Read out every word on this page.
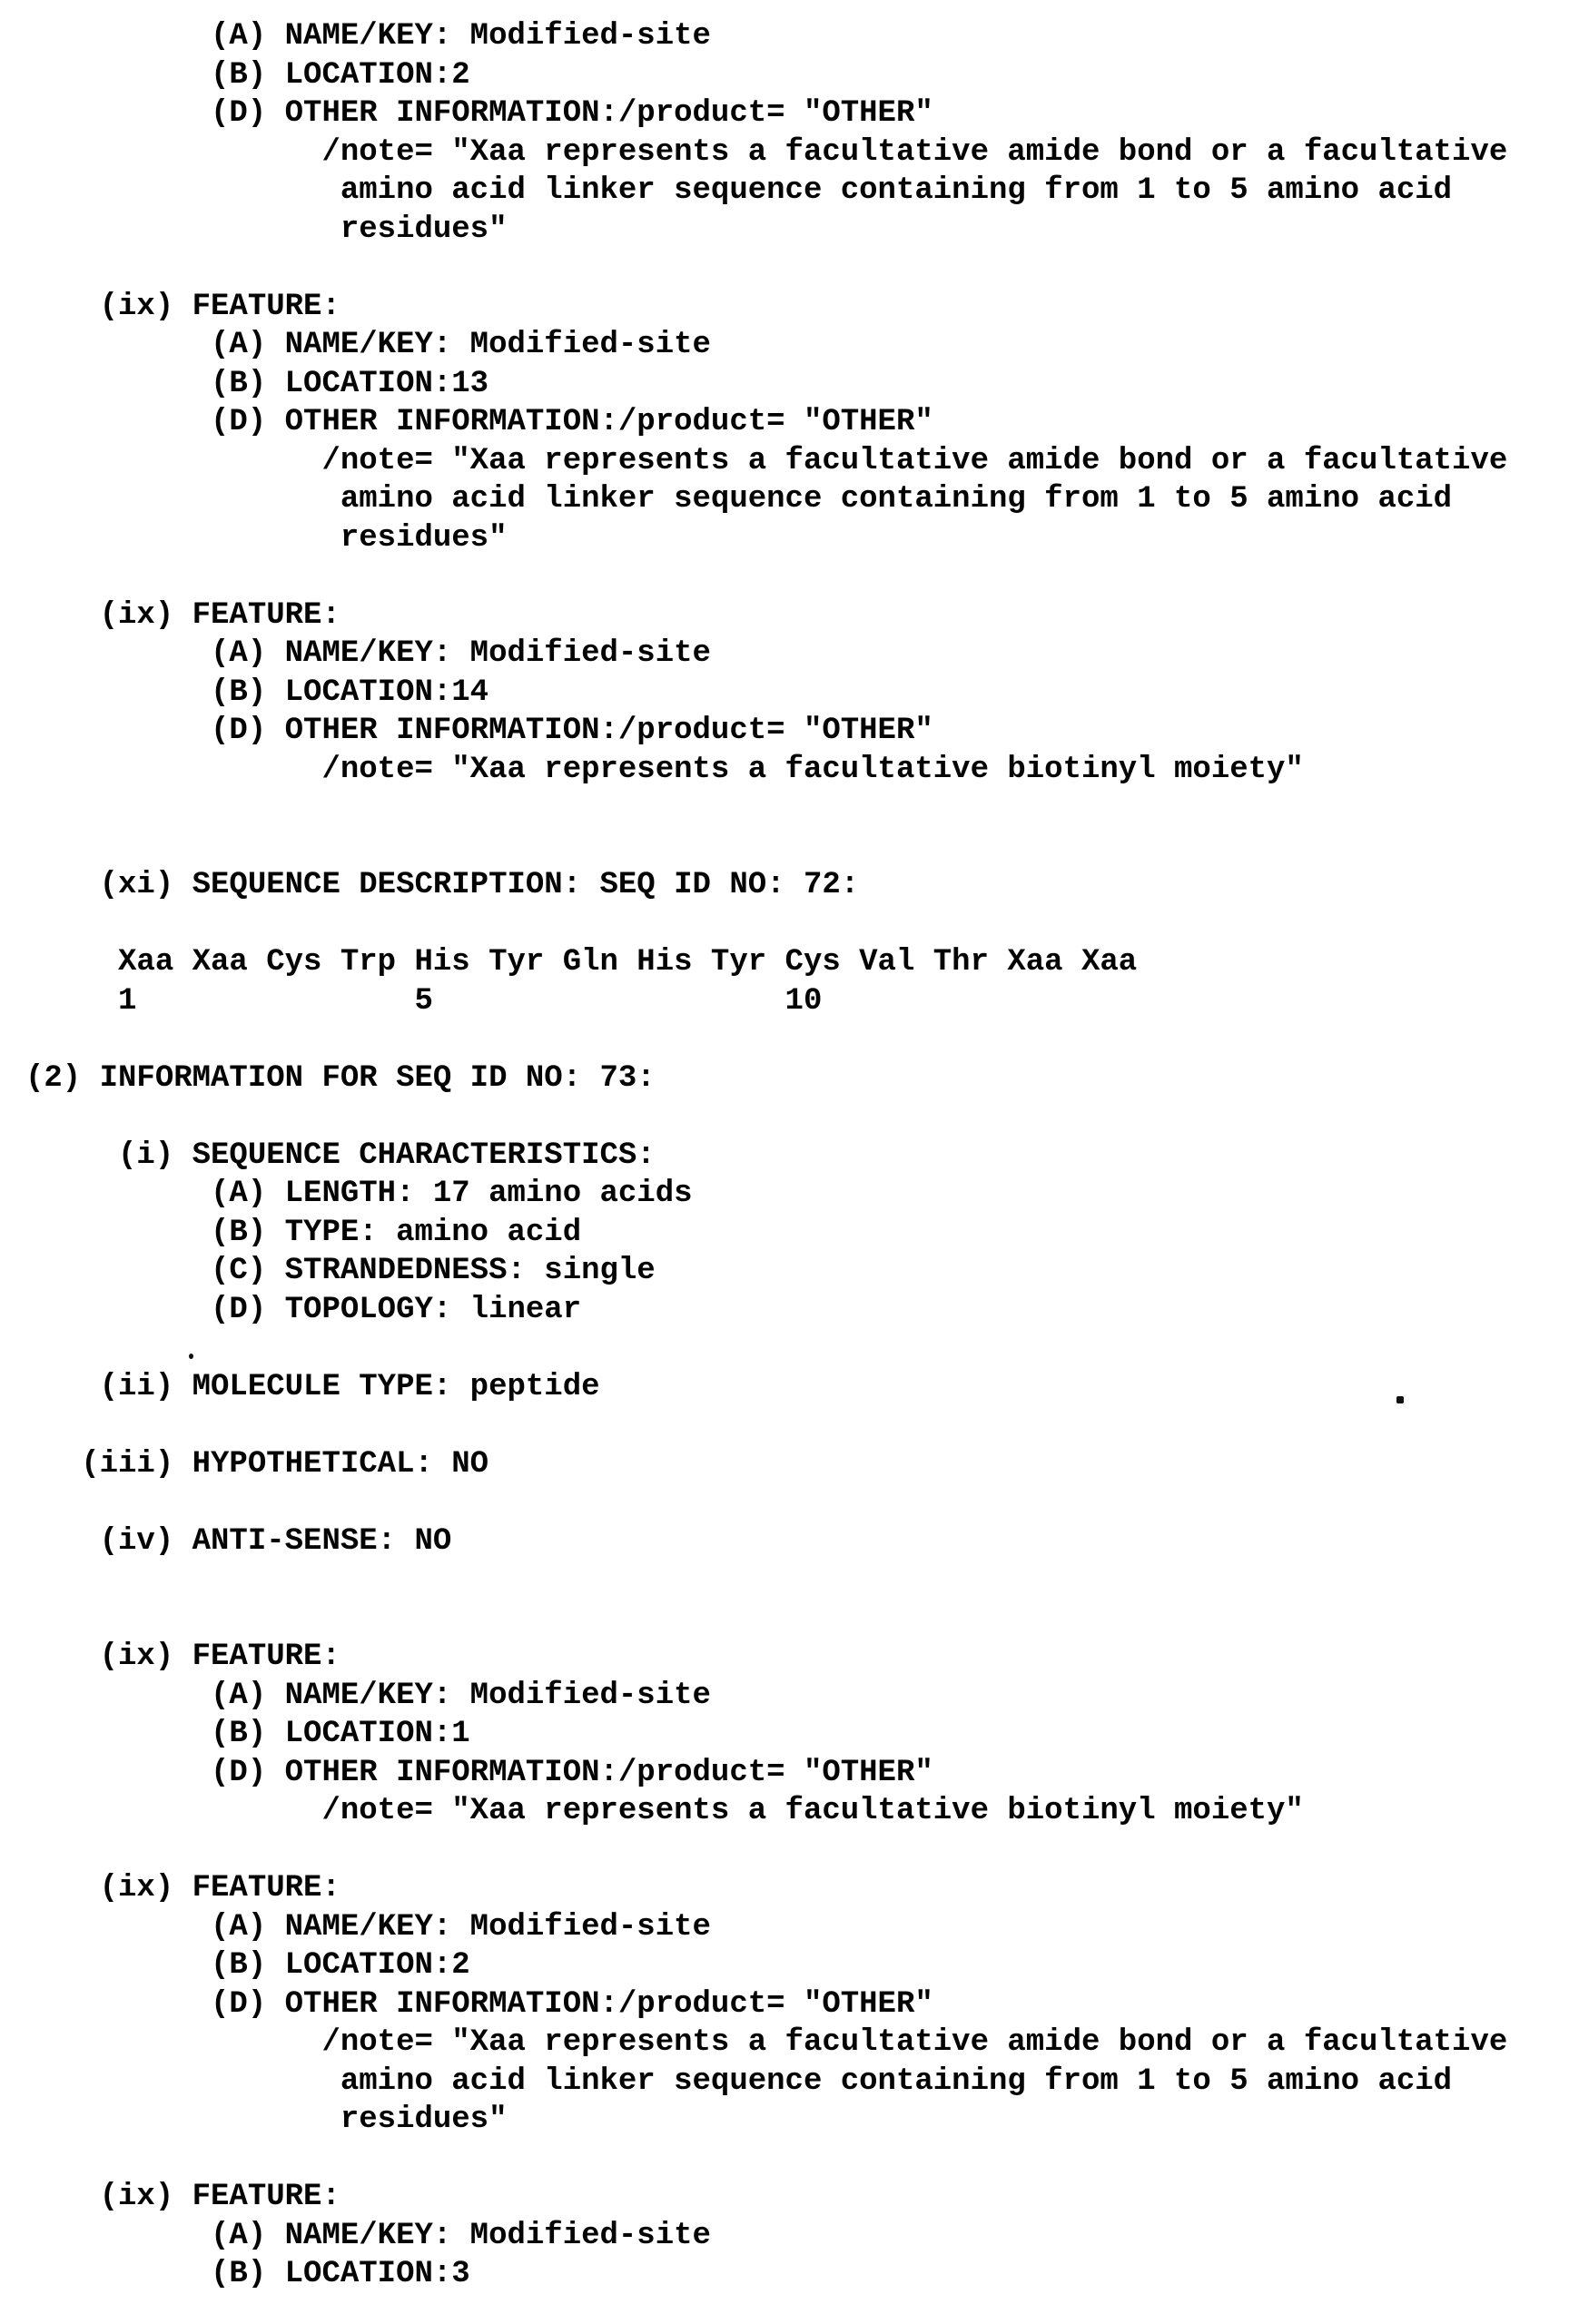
(A) NAME/KEY: Modified-site
(B) LOCATION:2
(D) OTHER INFORMATION:/product= "OTHER"
/note= "Xaa represents a facultative amide bond or a facultative
amino acid linker sequence containing from 1 to 5 amino acid
residues"

(ix) FEATURE:
(A) NAME/KEY: Modified-site
(B) LOCATION:13
(D) OTHER INFORMATION:/product= "OTHER"
/note= "Xaa represents a facultative amide bond or a facultative
amino acid linker sequence containing from 1 to 5 amino acid
residues"

(ix) FEATURE:
(A) NAME/KEY: Modified-site
(B) LOCATION:14
(D) OTHER INFORMATION:/product= "OTHER"
/note= "Xaa represents a facultative biotinyl moiety"

(xi) SEQUENCE DESCRIPTION: SEQ ID NO: 72:

Xaa Xaa Cys Trp His Tyr Gln His Tyr Cys Val Thr Xaa Xaa
1               5                   10

(2) INFORMATION FOR SEQ ID NO: 73:

(i) SEQUENCE CHARACTERISTICS:
(A) LENGTH: 17 amino acids
(B) TYPE: amino acid
(C) STRANDEDNESS: single
(D) TOPOLOGY: linear

(ii) MOLECULE TYPE: peptide

(iii) HYPOTHETICAL: NO

(iv) ANTI-SENSE: NO

(ix) FEATURE:
(A) NAME/KEY: Modified-site
(B) LOCATION:1
(D) OTHER INFORMATION:/product= "OTHER"
/note= "Xaa represents a facultative biotinyl moiety"

(ix) FEATURE:
(A) NAME/KEY: Modified-site
(B) LOCATION:2
(D) OTHER INFORMATION:/product= "OTHER"
/note= "Xaa represents a facultative amide bond or a facultative
amino acid linker sequence containing from 1 to 5 amino acid
residues"

(ix) FEATURE:
(A) NAME/KEY: Modified-site
(B) LOCATION:3
